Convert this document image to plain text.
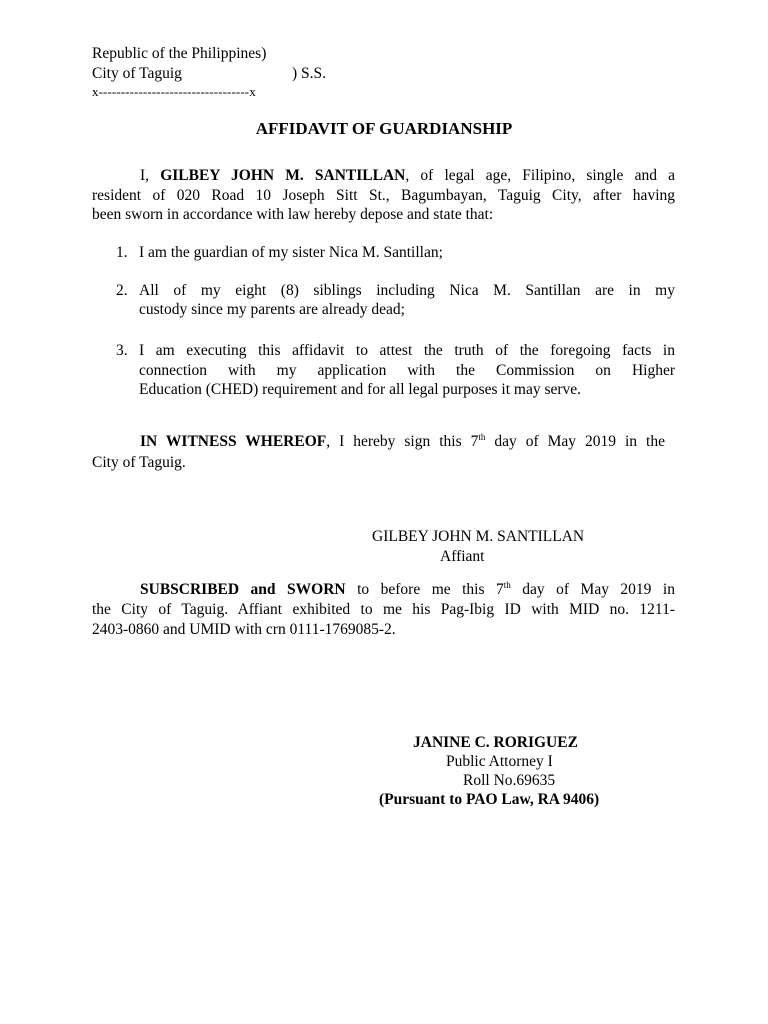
Republic of the Philippines)
City of Taguig	) S.S.
x----------------------------------x
AFFIDAVIT OF GUARDIANSHIP
I, GILBEY JOHN M. SANTILLAN, of legal age, Filipino, single and a
resident of 020 Road 10 Joseph Sitt St., Bagumbayan, Taguig City, after having
been sworn in accordance with law hereby depose and state that:
1. I am the guardian of my sister Nica M. Santillan;
2. All of my eight (8) siblings including Nica M. Santillan are in my
custody since my parents are already dead;
3. I am executing this affidavit to attest the truth of the foregoing facts in
connection with my application with the Commission on Higher
Education (CHED) requirement and for all legal purposes it may serve.
IN WITNESS WHEREOF, I hereby sign this 7th day of May 2019 in the
City of Taguig.
GILBEY JOHN M. SANTILLAN
Affiant
SUBSCRIBED and SWORN to before me this 7th day of May 2019 in
the City of Taguig. Affiant exhibited to me his Pag-Ibig ID with MID no. 1211-
2403-0860 and UMID with crn 0111-1769085-2.
JANINE C. RORIGUEZ
Public Attorney I
Roll No.69635
(Pursuant to PAO Law, RA 9406)
